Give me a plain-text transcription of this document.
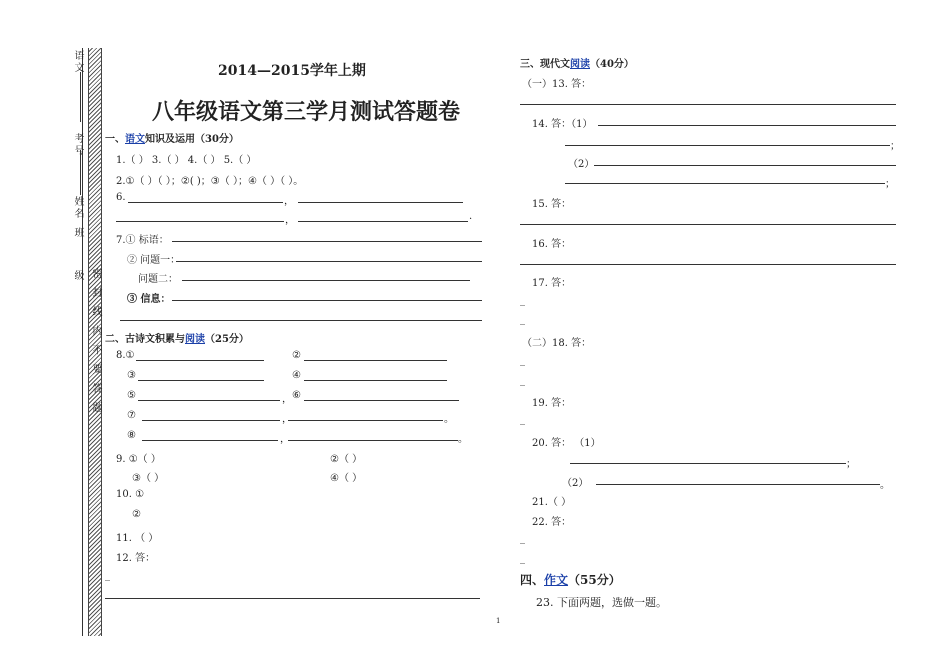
语文
考号
姓名
班
级 密 封 线 内 不 要 答 题
2014—2015学年上期
八年级语文第三学月测试答题卷
一、语文知识及运用（30分）
1.（ ） 3.（ ） 4.（ ） 5.（ ）
2.①（ ）（ ）；②( )；③（ ）；④（ ）（ ）。
6.	，
，	.
7.① 标语：
② 问题一：
问题二：
③ 信息：
二、古诗文积累与阅读（25分）
8.①	②
③	④
⑤	， ⑥
⑦	，	。
⑧	，	。
9. ①（ ）	②（ ）
③（ ）	④（ ）
10. ①
②
11. （ ）
12. 答：
_
三、现代文阅读（40分）
（一）13. 答：
14. 答：（1）
；
（2）
；
15. 答：
16. 答：
17. 答：
_
_
（二）18. 答：
_
_
19. 答：
_
20. 答： （1）
；
（2）	。
21.（ ）
22. 答：
_
_
四、作文（55分）
23. 下面两题，选做一题。
1
